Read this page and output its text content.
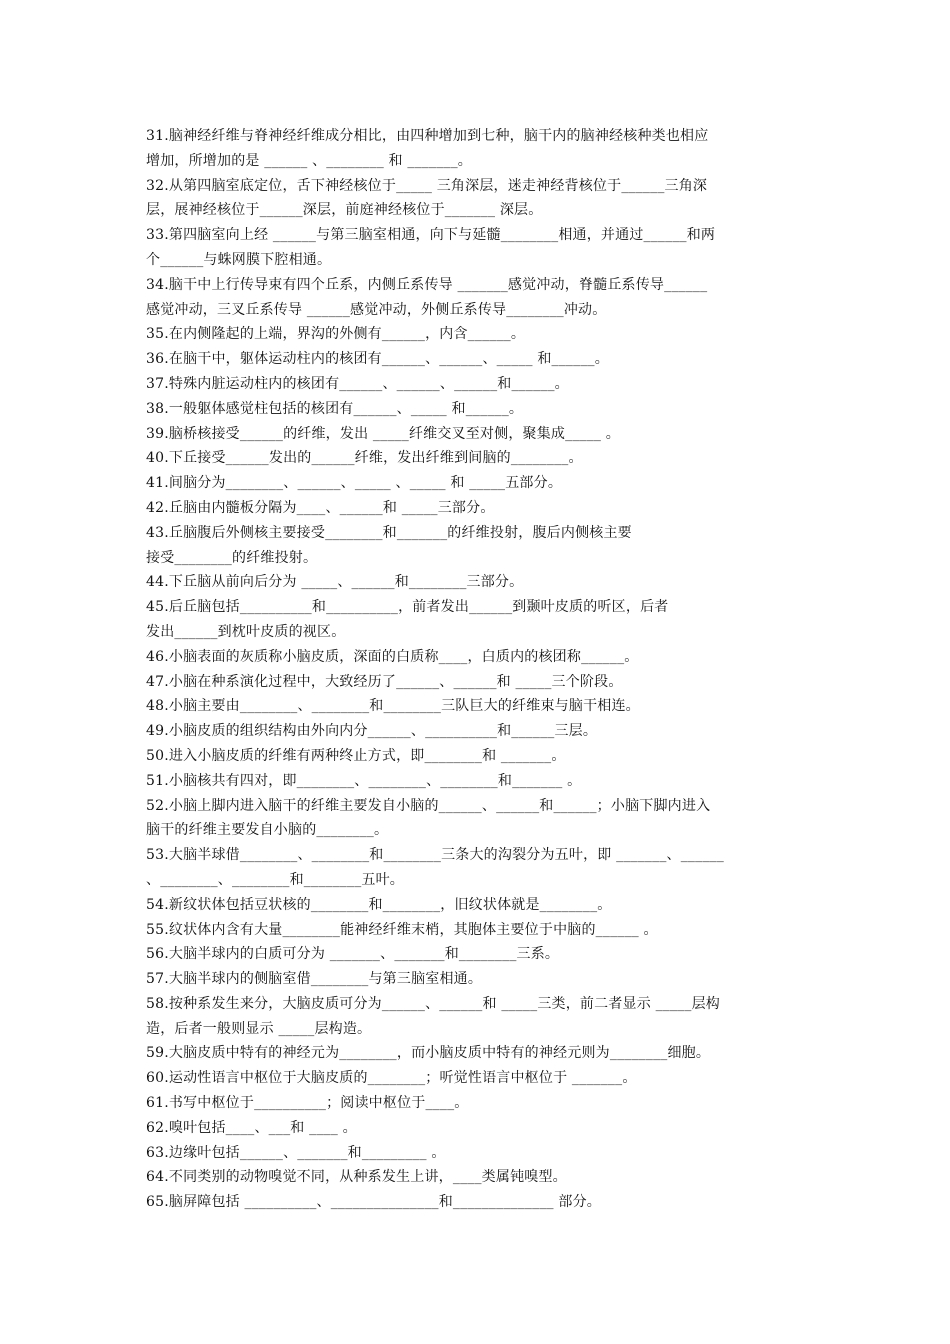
31.脑神经纤维与脊神经纤维成分相比，由四种增加到七种，脑干内的脑神经核种类也相应
增加，所增加的是 ______ 、________ 和 _______。
32.从第四脑室底定位，舌下神经核位于_____ 三角深层，迷走神经背核位于______三角深
层，展神经核位于______深层，前庭神经核位于_______ 深层。
33.第四脑室向上经 ______与第三脑室相通，向下与延髓________相通，并通过______和两
个______与蛛网膜下腔相通。
34.脑干中上行传导束有四个丘系，内侧丘系传导 _______感觉冲动，脊髓丘系传导______
感觉冲动，三叉丘系传导 ______感觉冲动，外侧丘系传导________冲动。
35.在内侧隆起的上端，界沟的外侧有______，内含______。
36.在脑干中，躯体运动柱内的核团有______、______、_____ 和______。
37.特殊内脏运动柱内的核团有______、______、______和______。
38.一般躯体感觉柱包括的核团有______、_____ 和______。
39.脑桥核接受______的纤维，发出 _____纤维交叉至对侧，聚集成_____ 。
40.下丘接受______发出的______纤维，发出纤维到间脑的________。
41.间脑分为________、______、_____ 、_____ 和 _____五部分。
42.丘脑由内髓板分隔为____、______和 _____三部分。
43.丘脑腹后外侧核主要接受________和_______的纤维投射，腹后内侧核主要
接受________的纤维投射。
44.下丘脑从前向后分为 _____、______和________三部分。
45.后丘脑包括__________和__________，前者发出______到颞叶皮质的听区，后者
发出______到枕叶皮质的视区。
46.小脑表面的灰质称小脑皮质，深面的白质称____，白质内的核团称______。
47.小脑在种系演化过程中，大致经历了______、______和 _____三个阶段。
48.小脑主要由________、________和________三队巨大的纤维束与脑干相连。
49.小脑皮质的组织结构由外向内分______、__________和______三层。
50.进入小脑皮质的纤维有两种终止方式，即________和 _______。
51.小脑核共有四对，即________、________、________和_______ 。
52.小脑上脚内进入脑干的纤维主要发自小脑的______、______和______；小脑下脚内进入
脑干的纤维主要发自小脑的________。
53.大脑半球借________、________和________三条大的沟裂分为五叶，即 _______、______
、________、________和________五叶。
54.新纹状体包括豆状核的________和________，旧纹状体就是________。
55.纹状体内含有大量________能神经纤维末梢，其胞体主要位于中脑的______ 。
56.大脑半球内的白质可分为 _______、_______和________三系。
57.大脑半球内的侧脑室借________与第三脑室相通。
58.按种系发生来分，大脑皮质可分为______、______和 _____三类，前二者显示 _____层构
造，后者一般则显示 _____层构造。
59.大脑皮质中特有的神经元为________，而小脑皮质中特有的神经元则为________细胞。
60.运动性语言中枢位于大脑皮质的________；听觉性语言中枢位于 _______。
61.书写中枢位于__________；阅读中枢位于____。
62.嗅叶包括____、___和 ____ 。
63.边缘叶包括______、_______和_________ 。
64.不同类别的动物嗅觉不同，从种系发生上讲，____类属钝嗅型。
65.脑屏障包括 __________、_______________和______________ 部分。
